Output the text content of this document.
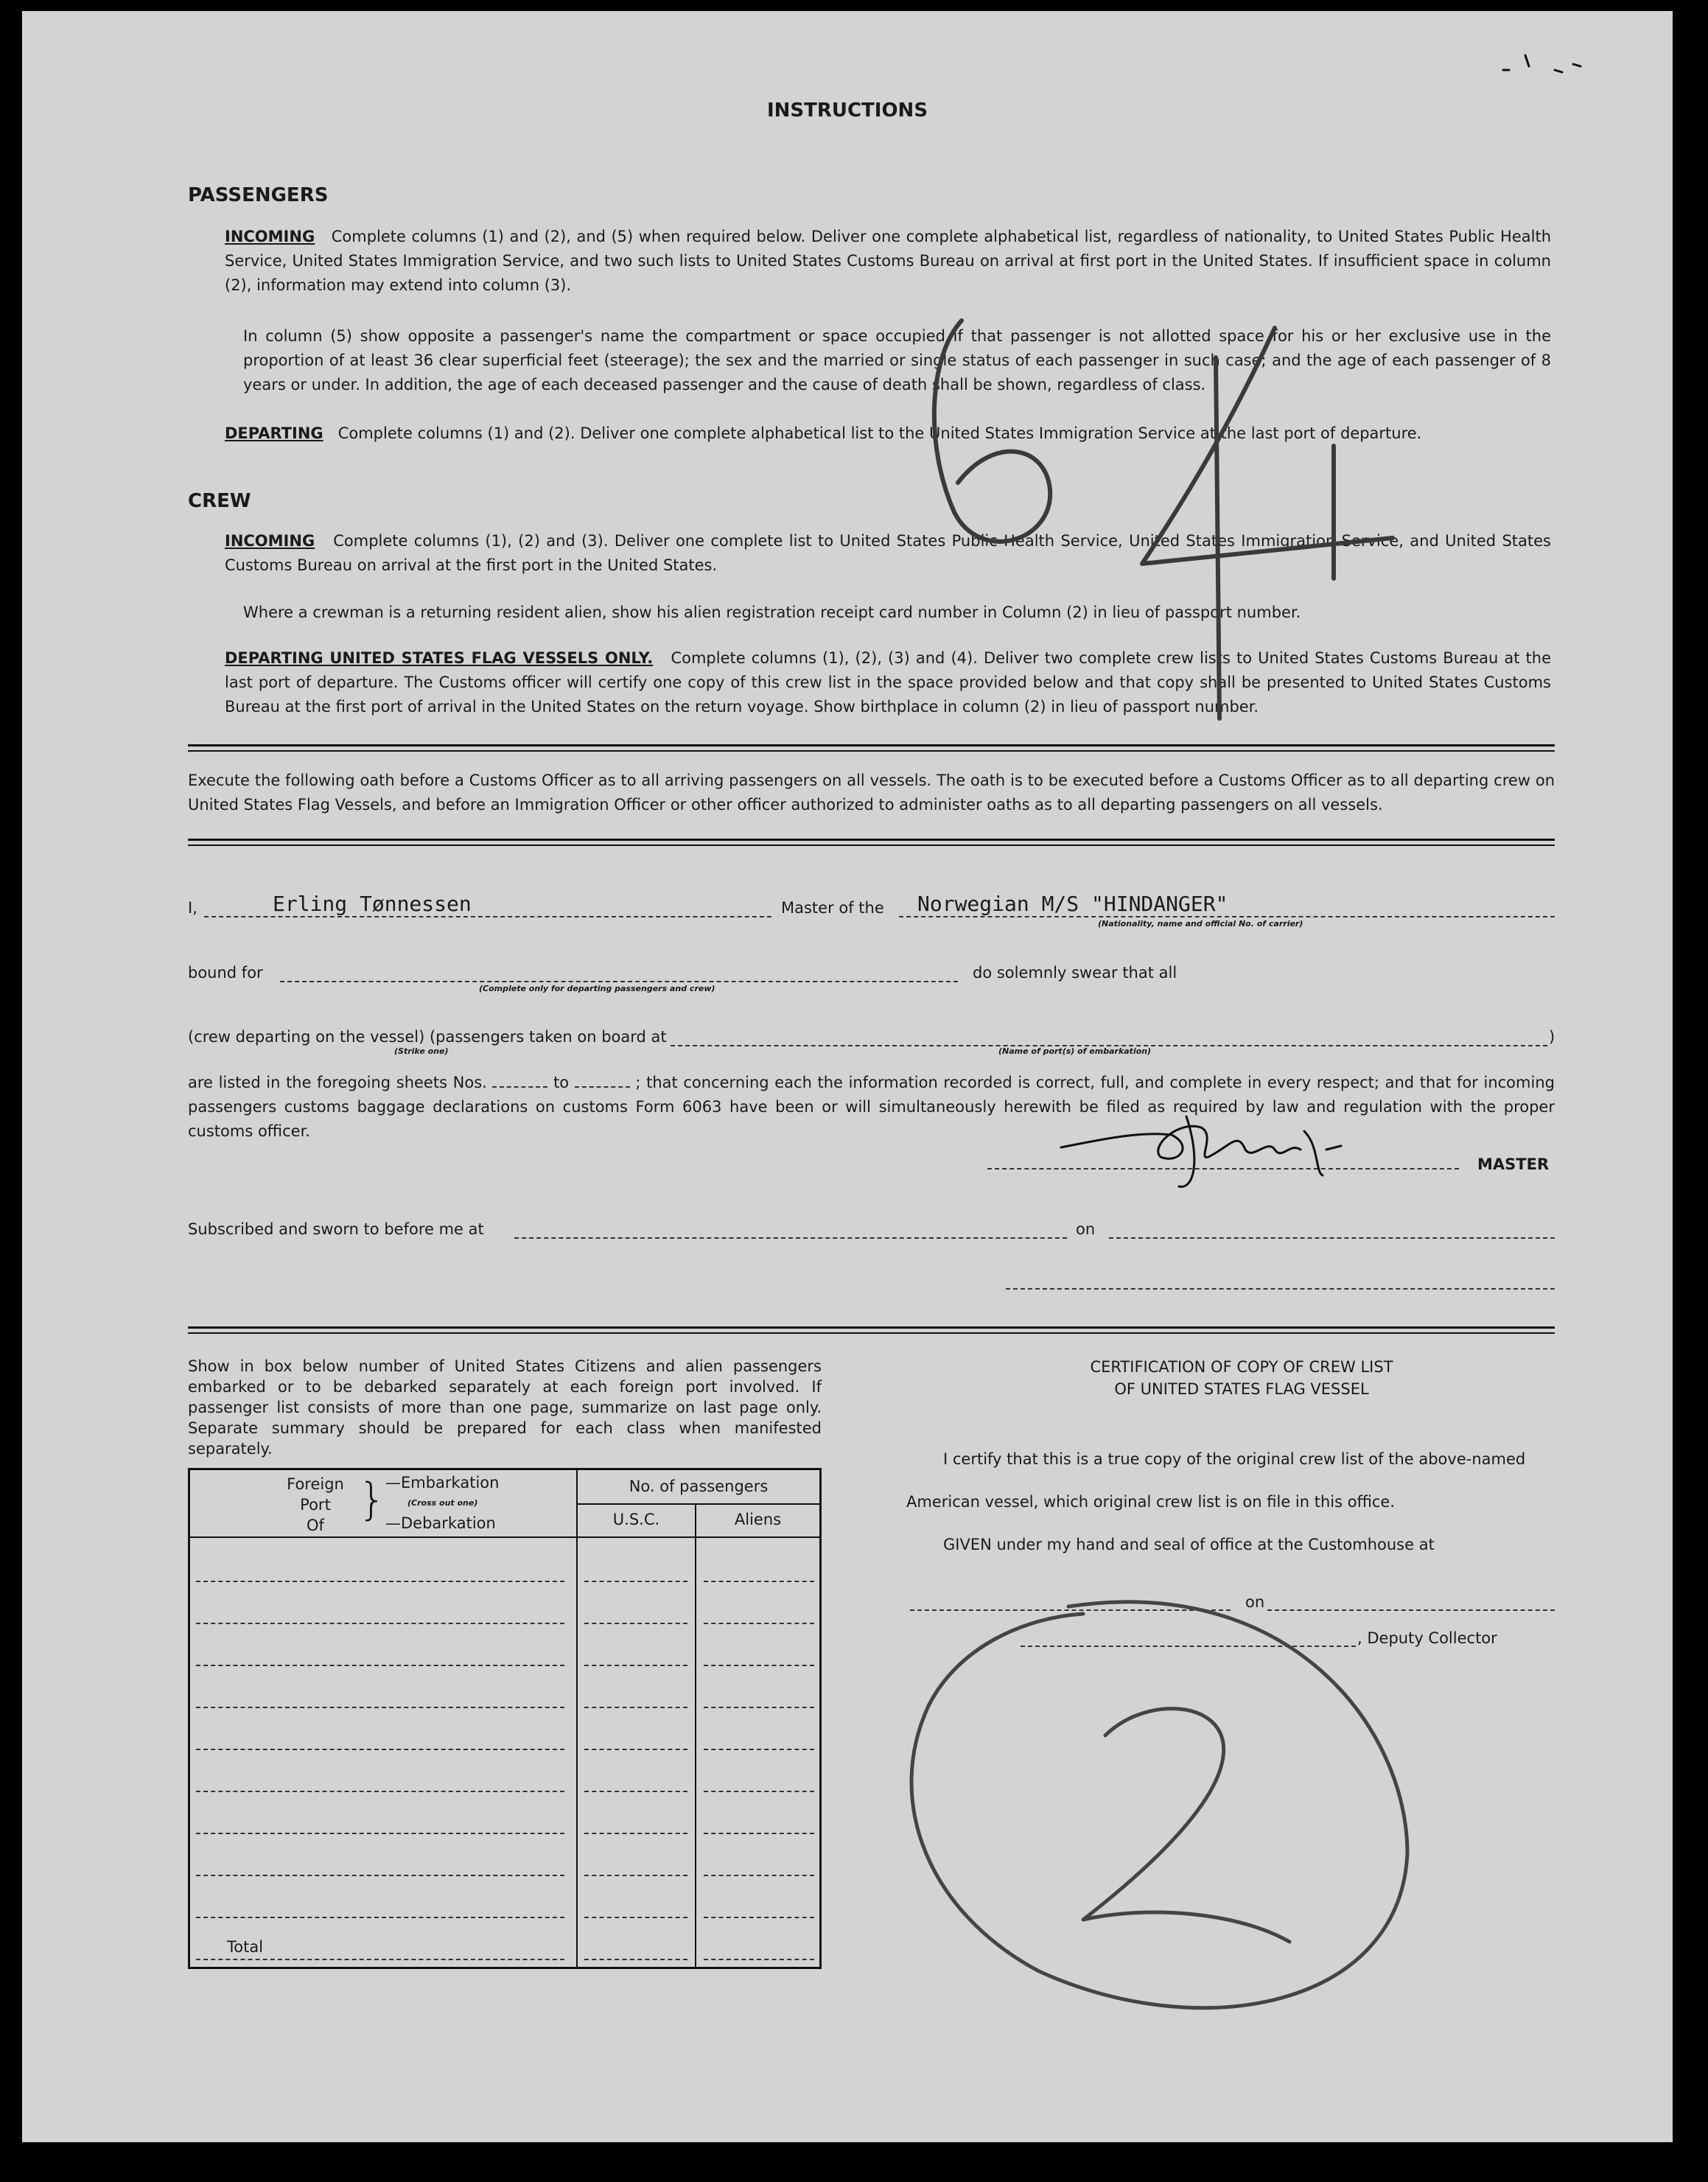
INSTRUCTIONS
PASSENGERS
INCOMING Complete columns (1) and (2), and (5) when required below. Deliver one complete alphabetical list, regardless of nationality, to United States Public Health Service, United States Immigration Service, and two such lists to United States Customs Bureau on arrival at first port in the United States. If insufficient space in column (2), information may extend into column (3).
In column (5) show opposite a passenger's name the compartment or space occupied if that passenger is not allotted space for his or her exclusive use in the proportion of at least 36 clear superficial feet (steerage); the sex and the married or single status of each passenger in such case; and the age of each passenger of 8 years or under. In addition, the age of each deceased passenger and the cause of death shall be shown, regardless of class.
DEPARTING Complete columns (1) and (2). Deliver one complete alphabetical list to the United States Immigration Service at the last port of departure.
CREW
INCOMING Complete columns (1), (2) and (3). Deliver one complete list to United States Public Health Service, United States Immigration Service, and United States Customs Bureau on arrival at the first port in the United States.
Where a crewman is a returning resident alien, show his alien registration receipt card number in Column (2) in lieu of passport number.
DEPARTING UNITED STATES FLAG VESSELS ONLY. Complete columns (1), (2), (3) and (4). Deliver two complete crew lists to United States Customs Bureau at the last port of departure. The Customs officer will certify one copy of this crew list in the space provided below and that copy shall be presented to United States Customs Bureau at the first port of arrival in the United States on the return voyage. Show birthplace in column (2) in lieu of passport number.
Execute the following oath before a Customs Officer as to all arriving passengers on all vessels. The oath is to be executed before a Customs Officer as to all departing crew on United States Flag Vessels, and before an Immigration Officer or other officer authorized to administer oaths as to all departing passengers on all vessels.
I,	Erling Tønnessen	Master of the Norwegian M/S "HINDANGER"
(Nationality, name and official No. of carrier)
bound for
(Complete only for departing passengers and crew)
do solemnly swear that all
(crew departing on the vessel) (passengers taken on board at
(Strike one)	(Name of port(s) of embarkation)
)
are listed in the foregoing sheets Nos.	to	; that concerning each the information recorded is correct, full, and complete in every respect; and that for incoming passengers customs baggage declarations on customs Form 6063 have been or will simultaneously herewith be filed as required by law and regulation with the proper customs officer.
MASTER
Subscribed and sworn to before me at	on
Show in box below number of United States Citizens and alien passengers embarked or to be debarked separately at each foreign port involved. If passenger list consists of more than one page, summarize on last page only. Separate summary should be prepared for each class when manifested separately.
Foreign
Port
Of }
—Embarkation
(Cross out one)
—Debarkation
No. of passengers
U.S.C.	Aliens
Total
CERTIFICATION OF COPY OF CREW LIST
OF UNITED STATES FLAG VESSEL
I certify that this is a true copy of the original crew list of the above-named
American vessel, which original crew list is on file in this office.
GIVEN under my hand and seal of office at the Customhouse at
on
, Deputy Collector
